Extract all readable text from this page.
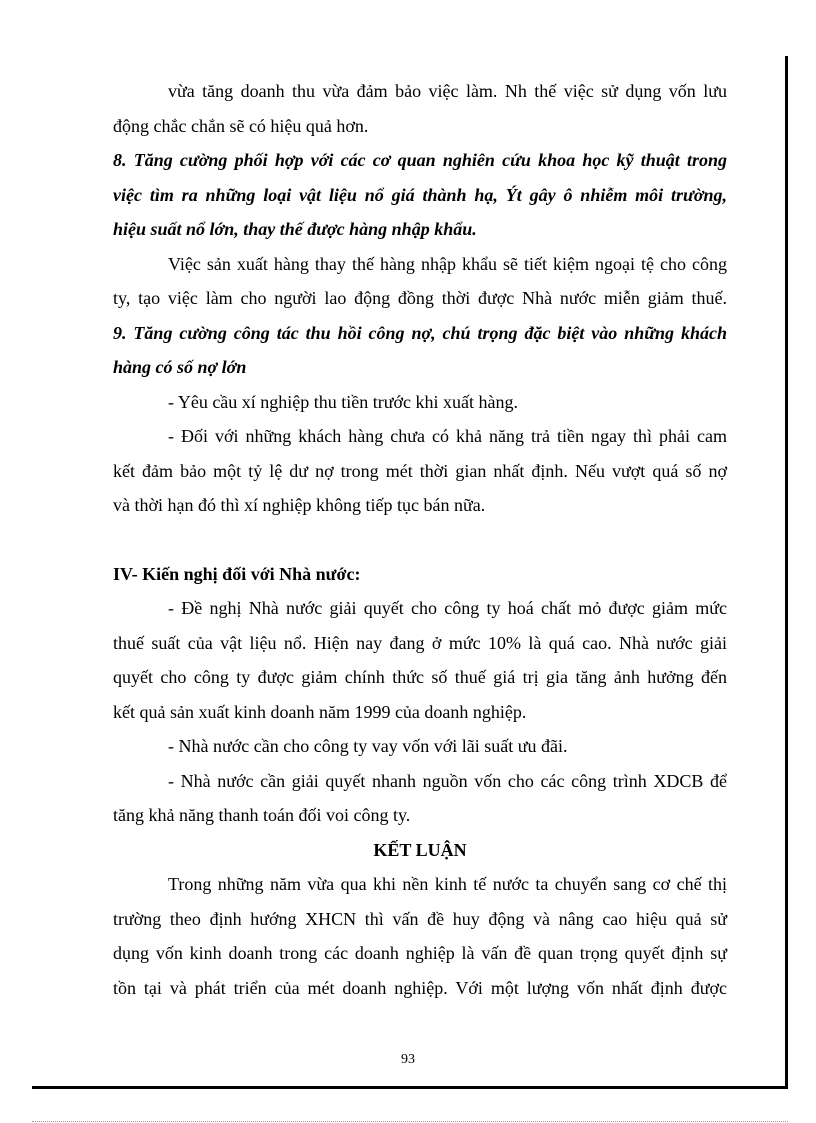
vừa tăng doanh thu vừa đảm bảo việc làm. Nh thế việc sử dụng vốn lưu
động chắc chắn sẽ có hiệu quả hơn.
8. Tăng cường phối hợp với các cơ quan nghiên cứu khoa học kỹ thuật trong
việc tìm ra những loại vật liệu nổ giá thành hạ, Ýt gây ô nhiễm môi trường,
hiệu suất nổ lớn, thay thế được hàng nhập khẩu.
Việc sản xuất hàng thay thế hàng nhập khẩu sẽ tiết kiệm ngoại tệ cho công
ty, tạo việc làm cho người lao động đồng thời được Nhà nước miễn giảm thuế.
9. Tăng cường công tác thu hồi công nợ, chú trọng đặc biệt vào những khách
hàng có số nợ lớn
- Yêu cầu xí nghiệp thu tiền trước khi xuất hàng.
- Đối với những khách hàng chưa có khả năng trả tiền ngay thì phải cam
kết đảm bảo một tỷ lệ dư nợ trong mét thời gian nhất định. Nếu vượt quá số nợ
và thời hạn đó thì xí nghiệp không tiếp tục bán nữa.
IV- Kiến nghị đối với Nhà nước:
- Đề nghị Nhà nước giải quyết cho công ty hoá chất mỏ được giảm mức
thuế suất của vật liệu nổ. Hiện nay đang ở mức 10% là quá cao. Nhà nước giải
quyết cho công ty được giảm chính thức số thuế giá trị gia tăng ảnh hưởng đến
kết quả sản xuất kinh doanh năm 1999 của doanh nghiệp.
- Nhà nước cần cho công ty vay vốn với lãi suất ưu đãi.
- Nhà nước cần giải quyết nhanh nguồn vốn cho các công trình XDCB để
tăng khả năng thanh toán đối voi công ty.
KẾT LUẬN
Trong những năm vừa qua khi nền kinh tế nước ta chuyển sang cơ chế thị
trường theo định hướng XHCN thì vấn đề huy động và nâng cao hiệu quả sử
dụng vốn kinh doanh trong các doanh nghiệp là vấn đề quan trọng quyết định sự
tồn tại và phát triển của mét doanh nghiệp. Với một lượng vốn nhất định được
93
